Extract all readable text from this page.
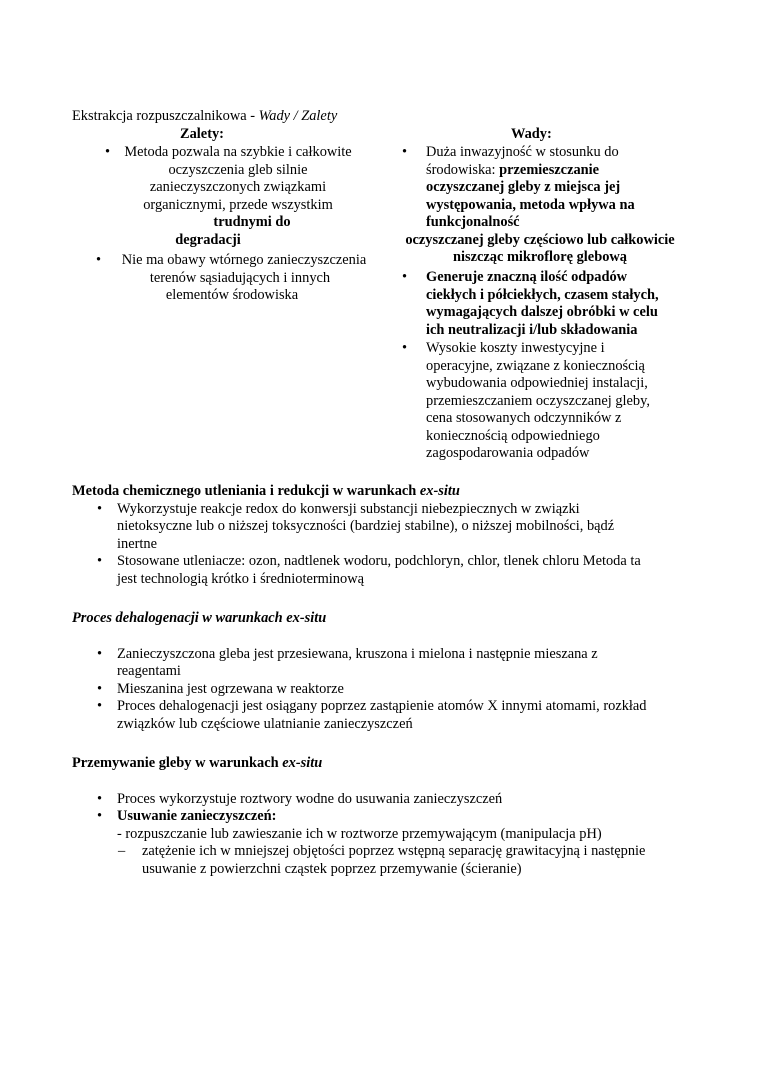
Ekstrakcja rozpuszczalnikowa - Wady / Zalety
Zalety:
• Metoda pozwala na szybkie i całkowite
oczyszczenia gleb silnie
zanieczyszczonych związkami
organicznymi, przede wszystkim
trudnymi do
degradacji
•	Nie ma obawy wtórnego zanieczyszczenia
terenów sąsiadujących i innych
elementów środowiska
Wady:
• Duża inwazyjność w stosunku do
środowiska: przemieszczanie
oczyszczanej gleby z miejsca jej
występowania, metoda wpływa na
funkcjonalność
oczyszczanej gleby częściowo lub całkowicie
niszcząc mikroflorę glebową
• Generuje znaczną ilość odpadów
ciekłych i półciekłych, czasem stałych,
wymagających dalszej obróbki w celu
ich neutralizacji i/lub składowania
• Wysokie koszty inwestycyjne i
operacyjne, związane z koniecznością
wybudowania odpowiedniej instalacji,
przemieszczaniem oczyszczanej gleby,
cena stosowanych odczynników z
koniecznością odpowiedniego
zagospodarowania odpadów
Metoda chemicznego utleniania i redukcji w warunkach ex-situ
• Wykorzystuje reakcje redox do konwersji substancji niebezpiecznych w związki
nietoksyczne lub o niższej toksyczności (bardziej stabilne), o niższej mobilności, bądź
inertne
• Stosowane utleniacze: ozon, nadtlenek wodoru, podchloryn, chlor, tlenek chloru Metoda ta
jest technologią krótko i średnioterminową
Proces dehalogenacji w warunkach ex-situ
• Zanieczyszczona gleba jest przesiewana, kruszona i mielona i następnie mieszana z
reagentami
• Mieszanina jest ogrzewana w reaktorze
• Proces dehalogenacji jest osiągany poprzez zastąpienie atomów X innymi atomami, rozkład
związków lub częściowe ulatnianie zanieczyszczeń
Przemywanie gleby w warunkach ex-situ
• Proces wykorzystuje roztwory wodne do usuwania zanieczyszczeń
• Usuwanie zanieczyszczeń:
- rozpuszczanie lub zawieszanie ich w roztworze przemywającym (manipulacja pH)
– zatężenie ich w mniejszej objętości poprzez wstępną separację grawitacyjną i następnie
usuwanie z powierzchni cząstek poprzez przemywanie (ścieranie)
